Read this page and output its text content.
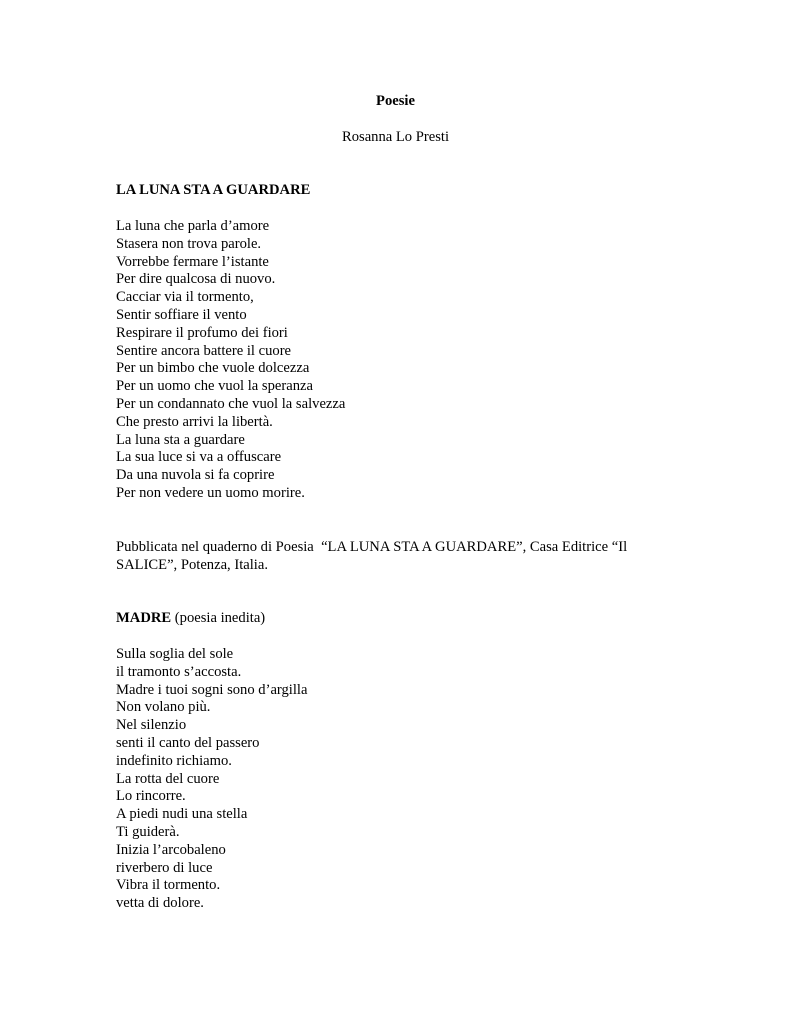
Poesie
Rosanna Lo Presti
LA LUNA STA A GUARDARE
La luna che parla d’amore
Stasera non trova parole.
Vorrebbe fermare l’istante
Per dire qualcosa di nuovo.
Cacciar via il tormento,
Sentir soffiare il vento
Respirare il profumo dei fiori
Sentire ancora battere il cuore
Per un bimbo che vuole dolcezza
Per un uomo che vuol la speranza
Per un condannato che vuol la salvezza
Che presto arrivi la libertà.
La luna sta a guardare
La sua luce si va a offuscare
Da una nuvola si fa coprire
Per non vedere un uomo morire.
Pubblicata nel quaderno di Poesia  “LA LUNA STA A GUARDARE”, Casa Editrice “Il
SALICE”, Potenza, Italia.
MADRE (poesia inedita)
Sulla soglia del sole
il tramonto s’accosta.
Madre i tuoi sogni sono d’argilla
Non volano più.
Nel silenzio
senti il canto del passero
indefinito richiamo.
La rotta del cuore
Lo rincorre.
A piedi nudi una stella
Ti guiderà.
Inizia l’arcobaleno
riverbero di luce
Vibra il tormento.
vetta di dolore.
